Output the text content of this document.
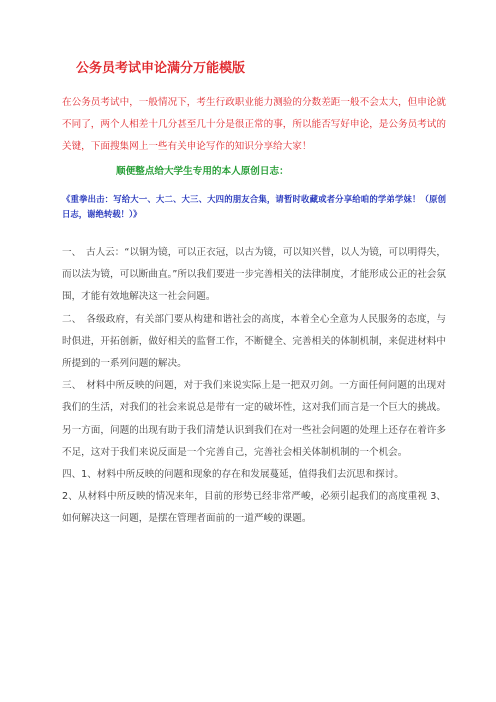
公务员考试申论满分万能模版

在公务员考试中，一般情况下，考生行政职业能力测验的分数差距一般不会太大，但申论就不同了，两个人相差十几分甚至几十分是很正常的事，所以能否写好申论，是公务员考试的关键，下面搜集网上一些有关申论写作的知识分享给大家！

顺便整点给大学生专用的本人原创日志：
《重拳出击：写给大一、大二、大三、大四的朋友合集，请暂时收藏或者分享给咱的学弟学妹！（原创日志，谢绝转载！）》

一、　古人云：“以铜为镜，可以正衣冠，以古为镜，可以知兴替，以人为镜，可以明得失，而以法为镜，可以断曲直。”所以我们要进一步完善相关的法律制度，才能形成公正的社会氛围，才能有效地解决这一社会问题。

二、　各级政府，有关部门要从构建和谐社会的高度，本着全心全意为人民服务的态度，与时俱进，开拓创新，做好相关的监督工作，不断健全、完善相关的体制机制，来促进材料中所提到的一系列问题的解决。

三、　材料中所反映的问题，对于我们来说实际上是一把双刃剑。一方面任何问题的出现对我们的生活，对我们的社会来说总是带有一定的破坏性，这对我们而言是一个巨大的挑战。另一方面，问题的出现有助于我们清楚认识到我们在对一些社会问题的处理上还存在着许多不足，这对于我们来说反面是一个完善自己，完善社会相关体制机制的一个机会。

四、1、材料中所反映的问题和现象的存在和发展蔓延，值得我们去沉思和探讨。

2、从材料中所反映的情况来年，目前的形势已经非常严峻，必须引起我们的高度重视 3、如何解决这一问题，是摆在管理者面前的一道严峻的课题。
